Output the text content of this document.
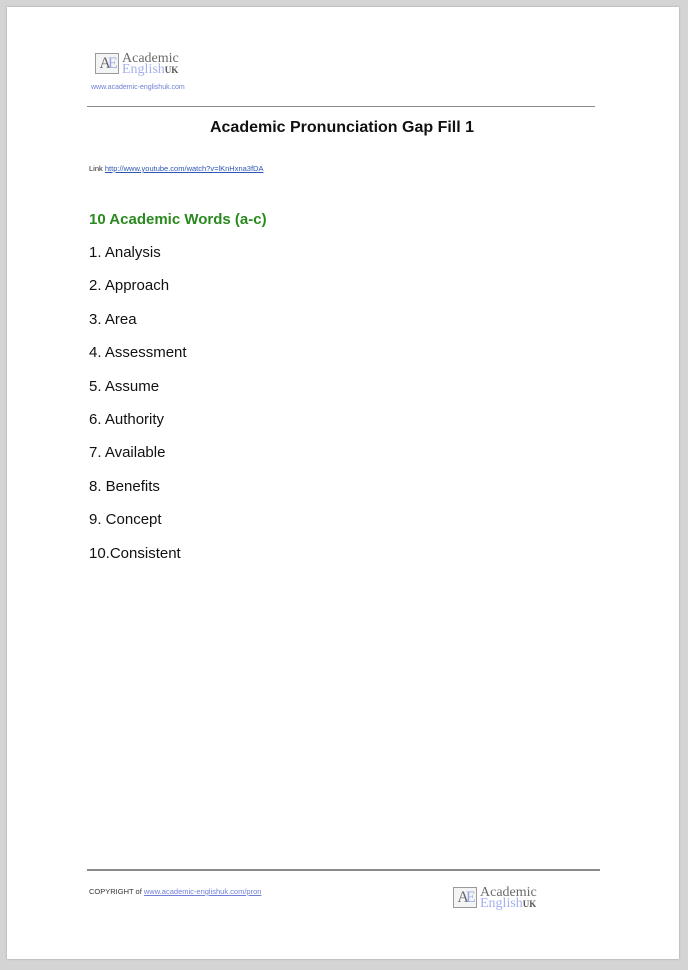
AE Academic
EnglishUK
www.academic-englishuk.com
Academic Pronunciation Gap Fill 1
Link http://www.youtube.com/watch?v=lKnHxna3fDA
10 Academic Words (a-c)
1. Analysis
2. Approach
3. Area
4. Assessment
5. Assume
6. Authority
7. Available
8. Benefits
9. Concept
10.Consistent
COPYRIGHT of www.academic-englishuk.com/pron	AE Academic
EnglishUK
